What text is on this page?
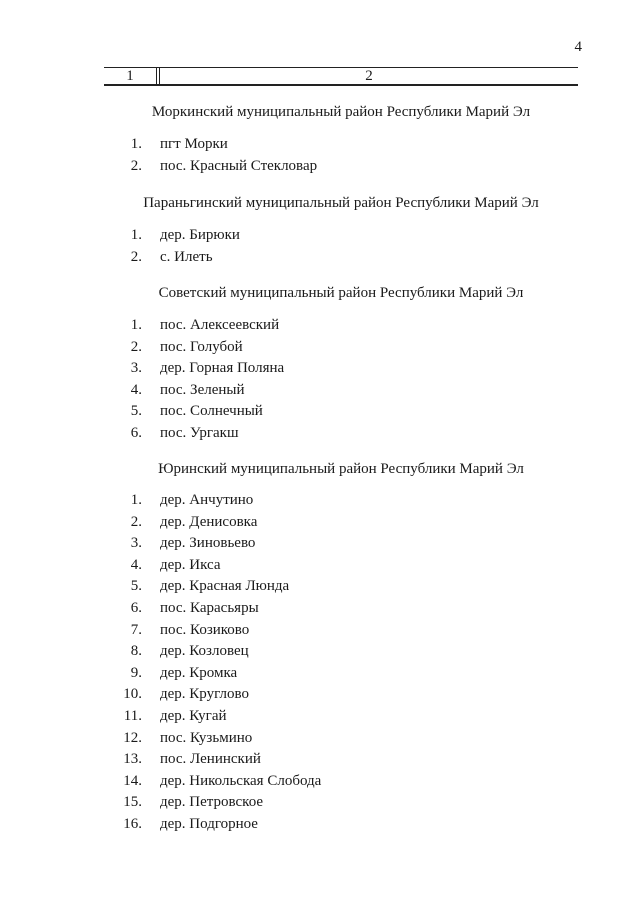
4
1	2
Моркинский муниципальный район Республики Марий Эл
1. пгт Морки
2. пос. Красный Стекловар
Параньгинский муниципальный район Республики Марий Эл
1. дер. Бирюки
2. с. Илеть
Советский муниципальный район Республики Марий Эл
1. пос. Алексеевский
2. пос. Голубой
3. дер. Горная Поляна
4. пос. Зеленый
5. пос. Солнечный
6. пос. Ургакш
Юринский муниципальный район Республики Марий Эл
1. дер. Анчутино
2. дер. Денисовка
3. дер. Зиновьево
4. дер. Икса
5. дер. Красная Люнда
6. пос. Карасьяры
7. пос. Козиково
8. дер. Козловец
9. дер. Кромка
10. дер. Круглово
11. дер. Кугай
12. пос. Кузьмино
13. пос. Ленинский
14. дер. Никольская Слобода
15. дер. Петровское
16. дер. Подгорное
